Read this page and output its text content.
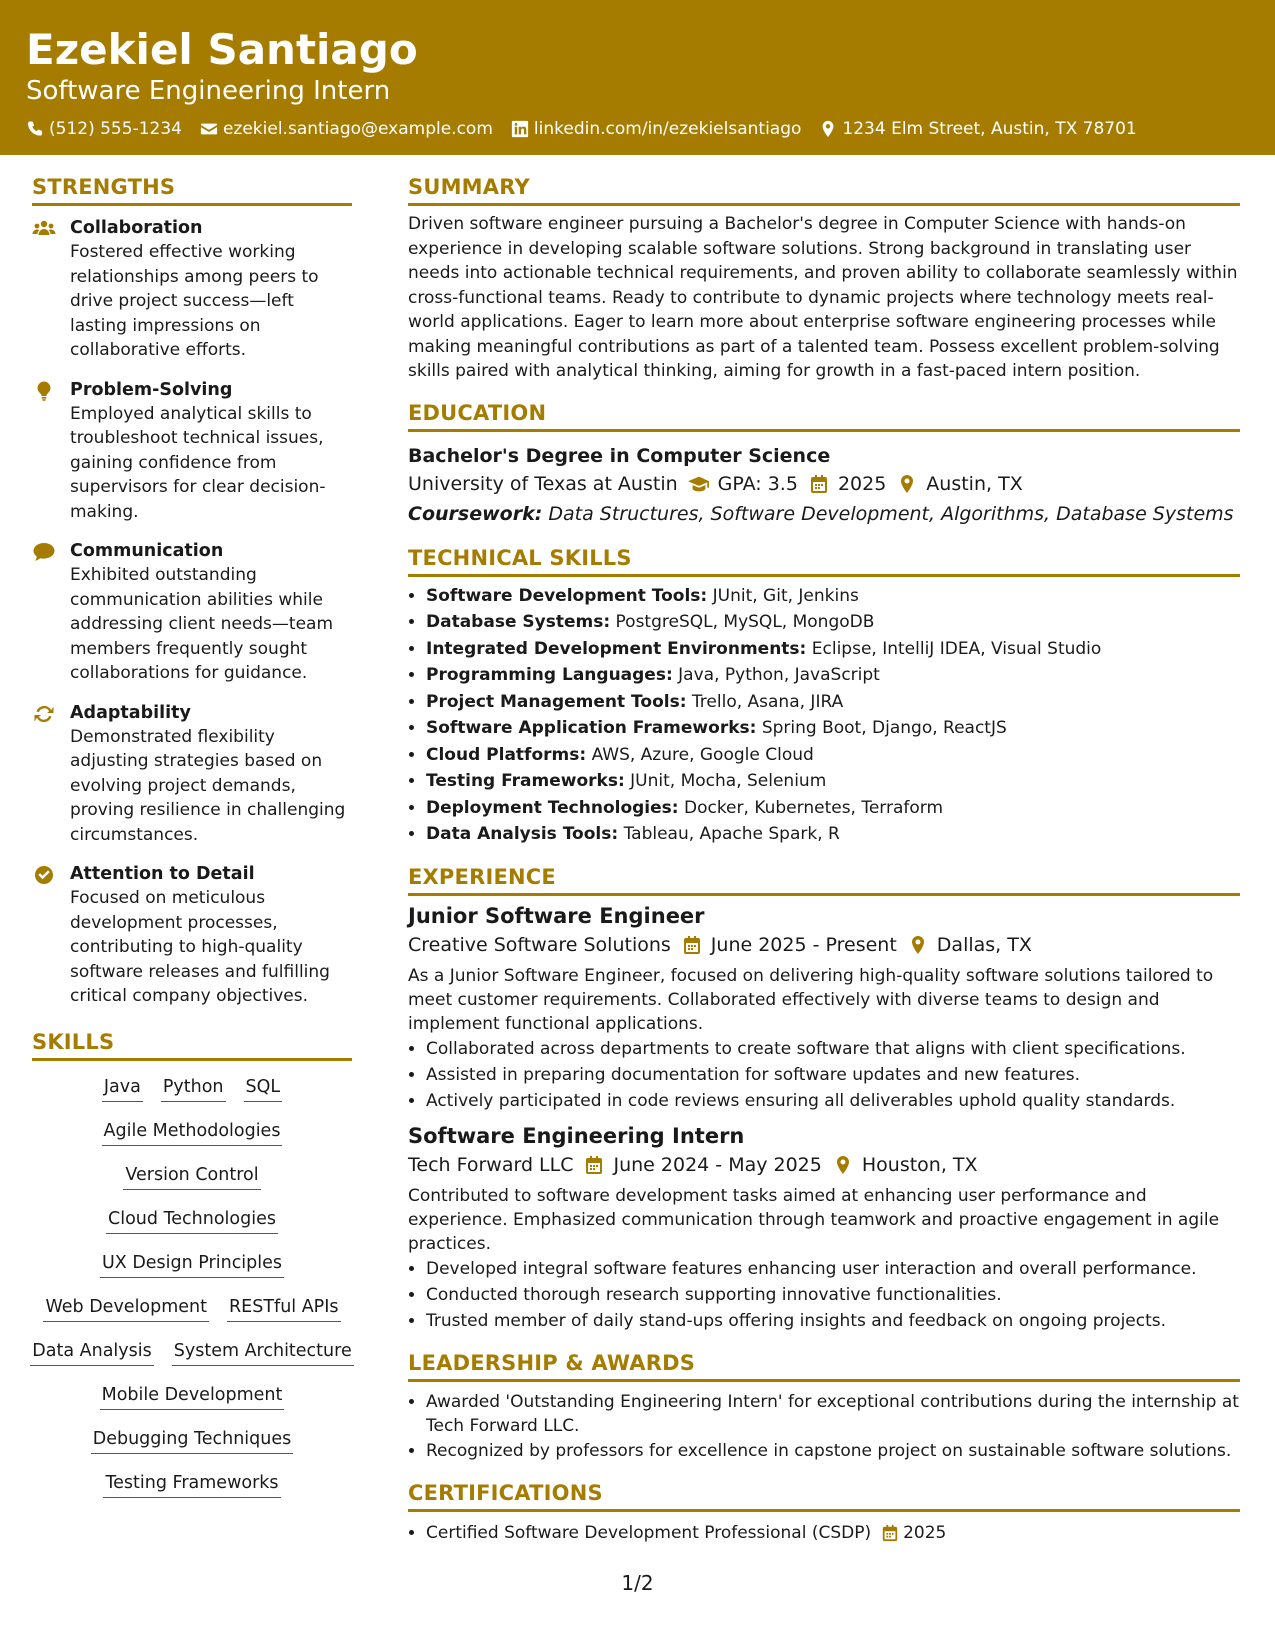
Ezekiel Santiago
Software Engineering Intern
(512) 555-1234 ezekiel.santiago@example.com linkedin.com/in/ezekielsantiago 1234 Elm Street, Austin, TX 78701
STRENGTHS
Collaboration
Fostered effective working relationships among peers to drive project success—left lasting impressions on collaborative efforts.
Problem-Solving
Employed analytical skills to troubleshoot technical issues, gaining confidence from supervisors for clear decision-making.
Communication
Exhibited outstanding communication abilities while addressing client needs—team members frequently sought collaborations for guidance.
Adaptability
Demonstrated flexibility adjusting strategies based on evolving project demands, proving resilience in challenging circumstances.
Attention to Detail
Focused on meticulous development processes, contributing to high-quality software releases and fulfilling critical company objectives.
SKILLS
Java Python SQL
Agile Methodologies
Version Control
Cloud Technologies
UX Design Principles
Web Development RESTful APIs
Data Analysis System Architecture
Mobile Development
Debugging Techniques
Testing Frameworks
SUMMARY

Driven software engineer pursuing a Bachelor's degree in Computer Science with hands-on experience in developing scalable software solutions. Strong background in translating user needs into actionable technical requirements, and proven ability to collaborate seamlessly within cross-functional teams. Ready to contribute to dynamic projects where technology meets real-world applications. Eager to learn more about enterprise software engineering processes while making meaningful contributions as part of a talented team. Possess excellent problem-solving skills paired with analytical thinking, aiming for growth in a fast-paced intern position.

EDUCATION
Bachelor's Degree in Computer Science
University of Texas at Austin GPA: 3.5 2025 Austin, TX
Coursework: Data Structures, Software Development, Algorithms, Database Systems
TECHNICAL SKILLS
• Software Development Tools: JUnit, Git, Jenkins
• Database Systems: PostgreSQL, MySQL, MongoDB
• Integrated Development Environments: Eclipse, IntelliJ IDEA, Visual Studio
• Programming Languages: Java, Python, JavaScript
• Project Management Tools: Trello, Asana, JIRA
• Software Application Frameworks: Spring Boot, Django, ReactJS
• Cloud Platforms: AWS, Azure, Google Cloud
• Testing Frameworks: JUnit, Mocha, Selenium
• Deployment Technologies: Docker, Kubernetes, Terraform
• Data Analysis Tools: Tableau, Apache Spark, R
EXPERIENCE
Junior Software Engineer
Creative Software Solutions June 2025 - Present Dallas, TX
As a Junior Software Engineer, focused on delivering high-quality software solutions tailored to meet customer requirements. Collaborated effectively with diverse teams to design and implement functional applications.
• Collaborated across departments to create software that aligns with client specifications.
• Assisted in preparing documentation for software updates and new features.
• Actively participated in code reviews ensuring all deliverables uphold quality standards.
Software Engineering Intern
Tech Forward LLC June 2024 - May 2025 Houston, TX
Contributed to software development tasks aimed at enhancing user performance and experience. Emphasized communication through teamwork and proactive engagement in agile practices.
• Developed integral software features enhancing user interaction and overall performance.
• Conducted thorough research supporting innovative functionalities.
• Trusted member of daily stand-ups offering insights and feedback on ongoing projects.
LEADERSHIP & AWARDS
• Awarded 'Outstanding Engineering Intern' for exceptional contributions during the internship at Tech Forward LLC.
• Recognized by professors for excellence in capstone project on sustainable software solutions.
CERTIFICATIONS
• Certified Software Development Professional (CSDP) 2025
1/2
